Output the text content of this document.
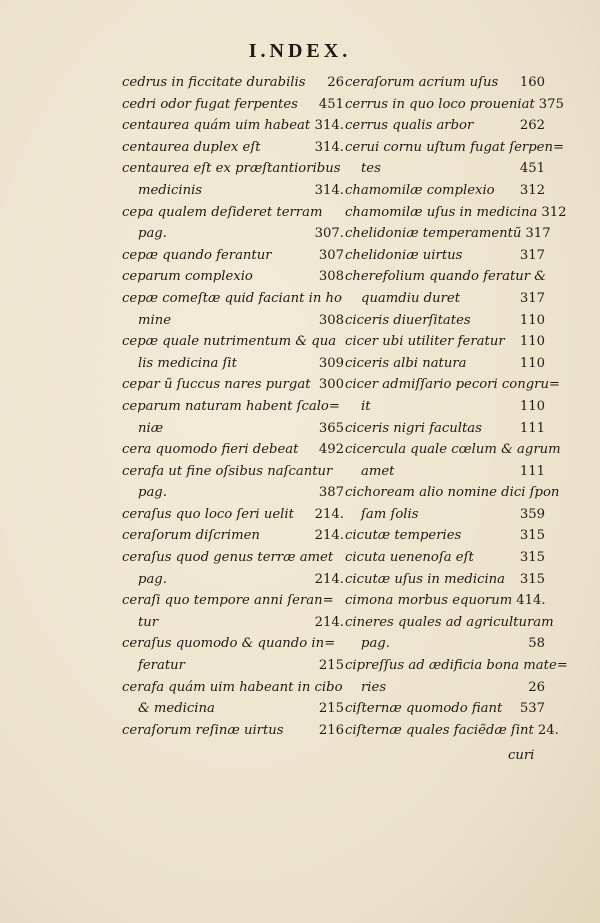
I.NDEX.
cedrus in ficcitate durabilis	26
cedri odor fugat ferpentes	451
centaurea quám uim habeat 314.
centaurea duplex eſt	314.
centaurea eſt ex præſtantioribus
medicinis	314.
cepa qualem deſideret terram
pag.	307.
cepæ quando ferantur	307
ceparum complexio	308
cepæ comeſtæ quid faciant in ho
mine	308
cepæ quale nutrimentum & qua
lis medicina ſit	309
cepar ũ ſuccus nares purgat 300
ceparum naturam habent ſcalo=
niæ	365
cera quomodo fieri debeat	492
cerafa ut fine oſsibus naſcantur
pag.	387
ceraſus quo loco ſeri uelit	214.
ceraſorum diſcrimen	214.
ceraſus quod genus terræ amet
pag.	214.
ceraſi quo tempore anni ſeran=
tur	214.
ceraſus quomodo & quando in=
feratur	215
cerafa quám uim habeant in cibo
& medicina	215
ceraſorum reſinæ uirtus	216
ceraſorum acrium uſus	160
cerrus in quo loco proueniat 375
cerrus qualis arbor	262
cerui cornu uſtum fugat ſerpen=
tes	451
chamomilæ complexio	312
chamomilæ uſus in medicina 312
chelidoniæ temperamentũ 317
chelidoniæ uirtus	317
cherefolium quando feratur &
quamdiu duret	317
ciceris diuerſitates	110
cicer ubi utiliter feratur	110
ciceris albi natura	110
cicer admiſſario pecori congru=
it	110
ciceris nigri facultas	111
cicercula quale cœlum & agrum
amet	111
cichoream alio nomine dici ſpon
ſam ſolis	359
cicutæ temperies	315
cicuta uenenoſa eſt	315
cicutæ uſus in medicina	315
cimona morbus equorum 414.
cineres quales ad agriculturam
pag.	58
cipreſſus ad ædificia bona mate=
ries	26
ciſternæ quomodo fiant	537
ciſternæ quales faciẽdæ ſint 24.
curi
